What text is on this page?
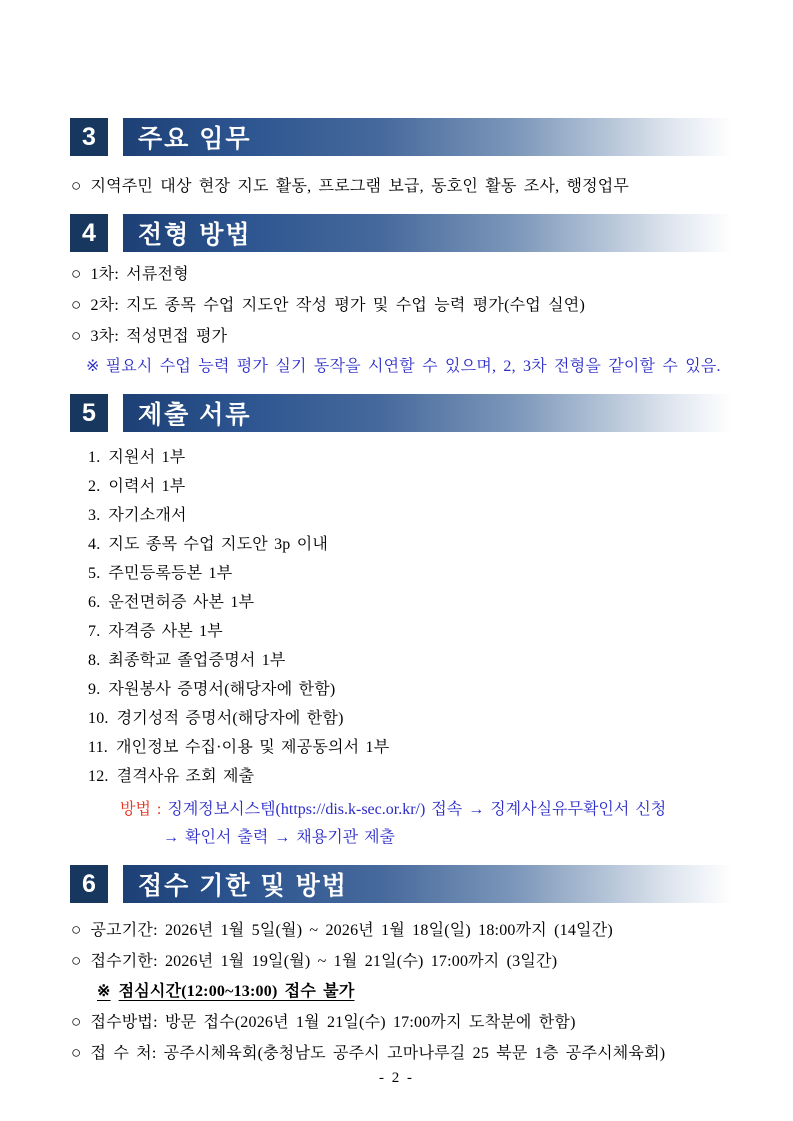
3	주요 임무

○ 지역주민 대상 현장 지도 활동, 프로그램 보급, 동호인 활동 조사, 행정업무

4	전형 방법

○ 1차: 서류전형

○ 2차: 지도 종목 수업 지도안 작성 평가 및 수업 능력 평가(수업 실연)

○ 3차: 적성면접 평가

※ 필요시 수업 능력 평가 실기 동작을 시연할 수 있으며, 2, 3차 전형을 같이할 수 있음.

5	제출 서류
1. 지원서 1부
2. 이력서 1부
3. 자기소개서
4. 지도 종목 수업 지도안 3p 이내
5. 주민등록등본 1부
6. 운전면허증 사본 1부
7. 자격증 사본 1부
8. 최종학교 졸업증명서 1부
9. 자원봉사 증명서(해당자에 한함)
10. 경기성적 증명서(해당자에 한함)
11. 개인정보 수집·이용 및 제공동의서 1부
12. 결격사유 조회 제출

방법 : 징계정보시스템(https://dis.k-sec.or.kr/) 접속 → 징계사실유무확인서 신청

→ 확인서 출력 → 채용기관 제출

6	접수 기한 및 방법

○ 공고기간: 2026년 1월 5일(월) ~ 2026년 1월 18일(일) 18:00까지 (14일간)

○ 접수기한: 2026년 1월 19일(월) ~ 1월 21일(수) 17:00까지 (3일간)

※ 점심시간(12:00~13:00) 접수 불가

○ 접수방법: 방문 접수(2026년 1월 21일(수) 17:00까지 도착분에 한함)

○ 접 수 처: 공주시체육회(충청남도 공주시 고마나루길 25 북문 1층 공주시체육회)

- 2 -
